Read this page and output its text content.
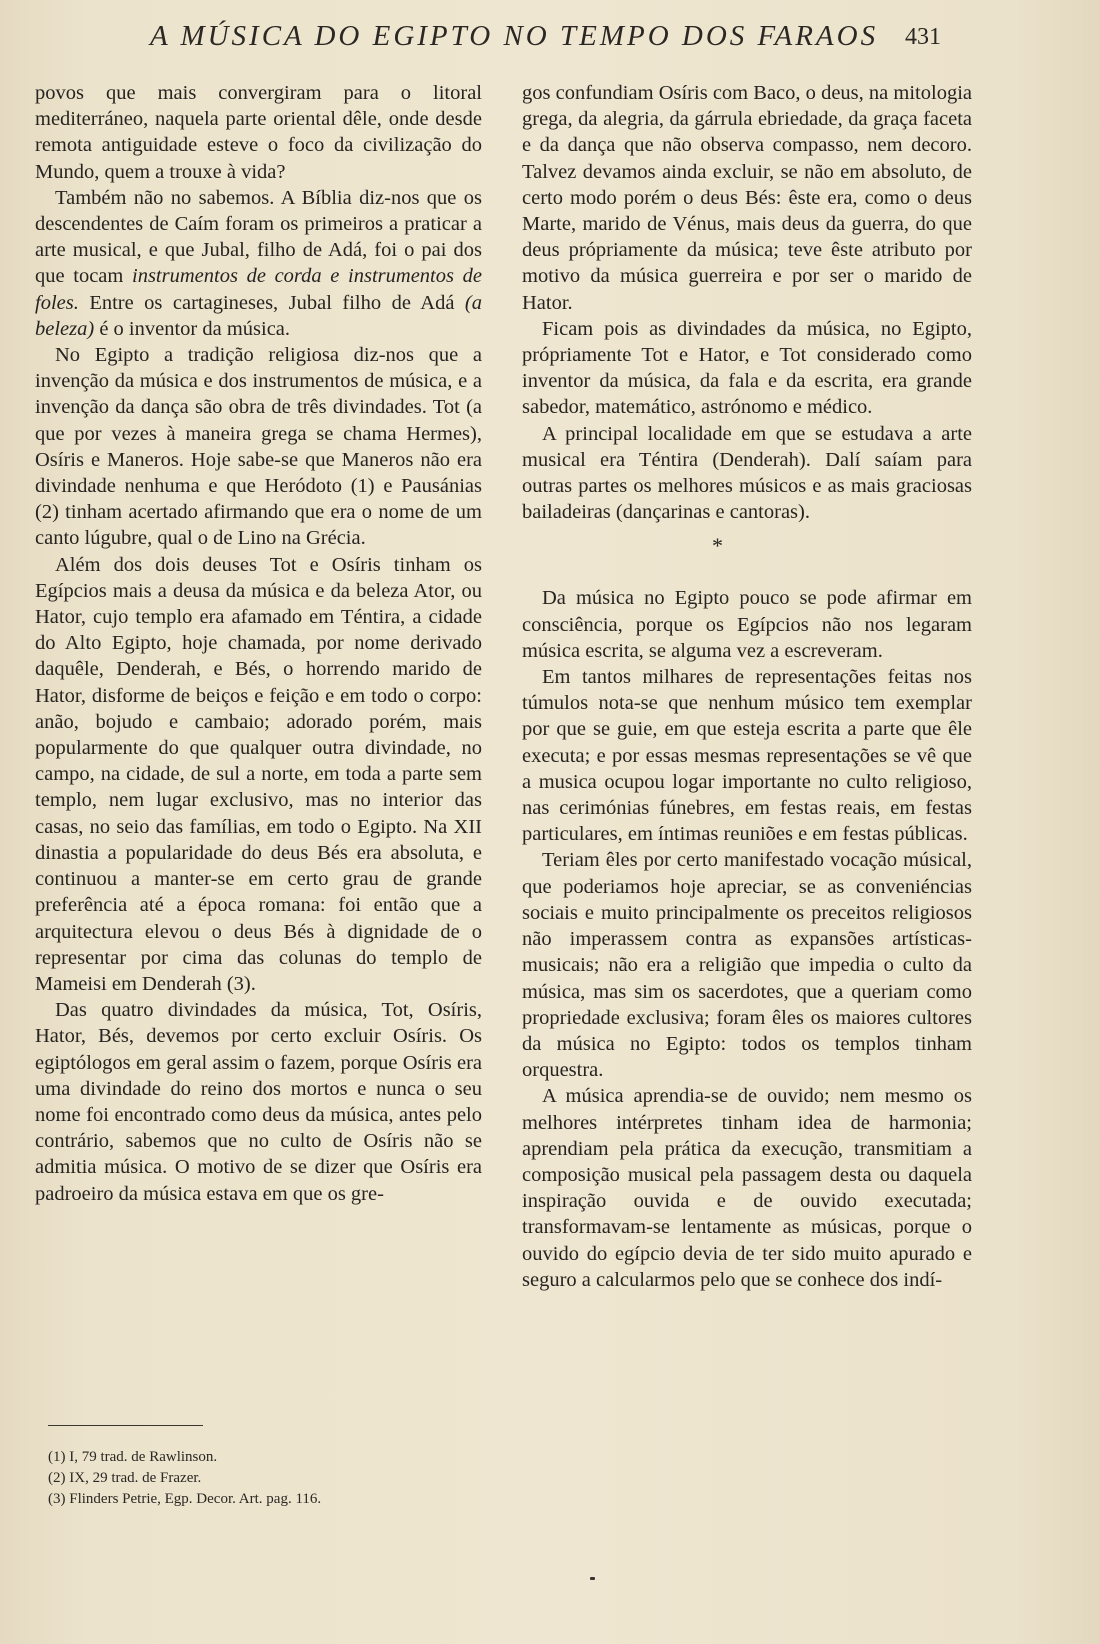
A MÚSICA DO EGIPTO NO TEMPO DOS FARAOS 431

povos que mais convergiram para o litoral mediterráneo, naquela parte oriental dêle, onde desde remota antiguidade esteve o foco da civilização do Mundo, quem a trouxe à vida?

Também não no sabemos. A Bíblia diz-nos que os descendentes de Caím foram os primeiros a praticar a arte musical, e que Jubal, filho de Adá, foi o pai dos que tocam instrumentos de corda e instrumentos de foles. Entre os cartagineses, Jubal filho de Adá (a beleza) é o inventor da música.

No Egipto a tradição religiosa diz-nos que a invenção da música e dos instrumentos de música, e a invenção da dança são obra de três divindades. Tot (a que por vezes à maneira grega se chama Hermes), Osíris e Maneros. Hoje sabe-se que Maneros não era divindade nenhuma e que Heródoto (1) e Pausánias (2) tinham acertado afirmando que era o nome de um canto lúgubre, qual o de Lino na Grécia.

Além dos dois deuses Tot e Osíris tinham os Egípcios mais a deusa da música e da beleza Ator, ou Hator, cujo templo era afamado em Téntira, a cidade do Alto Egipto, hoje chamada, por nome derivado daquêle, Denderah, e Bés, o horrendo marido de Hator, disforme de beiços e feição e em todo o corpo: anão, bojudo e cambaio; adorado porém, mais popularmente do que qualquer outra divindade, no campo, na cidade, de sul a norte, em toda a parte sem templo, nem lugar exclusivo, mas no interior das casas, no seio das famílias, em todo o Egipto. Na XII dinastia a popularidade do deus Bés era absoluta, e continuou a manter-se em certo grau de grande preferência até a época romana: foi então que a arquitectura elevou o deus Bés à dignidade de o representar por cima das colunas do templo de Mameisi em Denderah (3).

Das quatro divindades da música, Tot, Osíris, Hator, Bés, devemos por certo excluir Osíris. Os egiptólogos em geral assim o fazem, porque Osíris era uma divindade do reino dos mortos e nunca o seu nome foi encontrado como deus da música, antes pelo contrário, sabemos que no culto de Osíris não se admitia música. O motivo de se dizer que Osíris era padroeiro da música estava em que os gre-

gos confundiam Osíris com Baco, o deus, na mitologia grega, da alegria, da gárrula ebriedade, da graça faceta e da dança que não observa compasso, nem decoro. Talvez devamos ainda excluir, se não em absoluto, de certo modo porém o deus Bés: êste era, como o deus Marte, marido de Vénus, mais deus da guerra, do que deus própriamente da música; teve êste atributo por motivo da música guerreira e por ser o marido de Hator.

Ficam pois as divindades da música, no Egipto, própriamente Tot e Hator, e Tot considerado como inventor da música, da fala e da escrita, era grande sabedor, matemático, astrónomo e médico.

A principal localidade em que se estudava a arte musical era Téntira (Denderah). Dalí saíam para outras partes os melhores músicos e as mais graciosas bailadeiras (dançarinas e cantoras).

*

Da música no Egipto pouco se pode afirmar em consciência, porque os Egípcios não nos legaram música escrita, se alguma vez a escreveram.

Em tantos milhares de representações feitas nos túmulos nota-se que nenhum músico tem exemplar por que se guie, em que esteja escrita a parte que êle executa; e por essas mesmas representações se vê que a musica ocupou logar importante no culto religioso, nas cerimónias fúnebres, em festas reais, em festas particulares, em íntimas reuniões e em festas públicas.

Teriam êles por certo manifestado vocação músical, que poderiamos hoje apreciar, se as conveniéncias sociais e muito principalmente os preceitos religiosos não imperassem contra as expansões artísticas-musicais; não era a religião que impedia o culto da música, mas sim os sacerdotes, que a queriam como propriedade exclusiva; foram êles os maiores cultores da música no Egipto: todos os templos tinham orquestra.

A música aprendia-se de ouvido; nem mesmo os melhores intérpretes tinham idea de harmonia; aprendiam pela prática da execução, transmitiam a composição musical pela passagem desta ou daquela inspiração ouvida e de ouvido executada; transformavam-se lentamente as músicas, porque o ouvido do egípcio devia de ter sido muito apurado e seguro a calcularmos pelo que se conhece dos indí-

(1) I, 79 trad. de Rawlinson.
(2) IX, 29 trad. de Frazer.
(3) Flinders Petrie, Egp. Decor. Art. pag. 116.
